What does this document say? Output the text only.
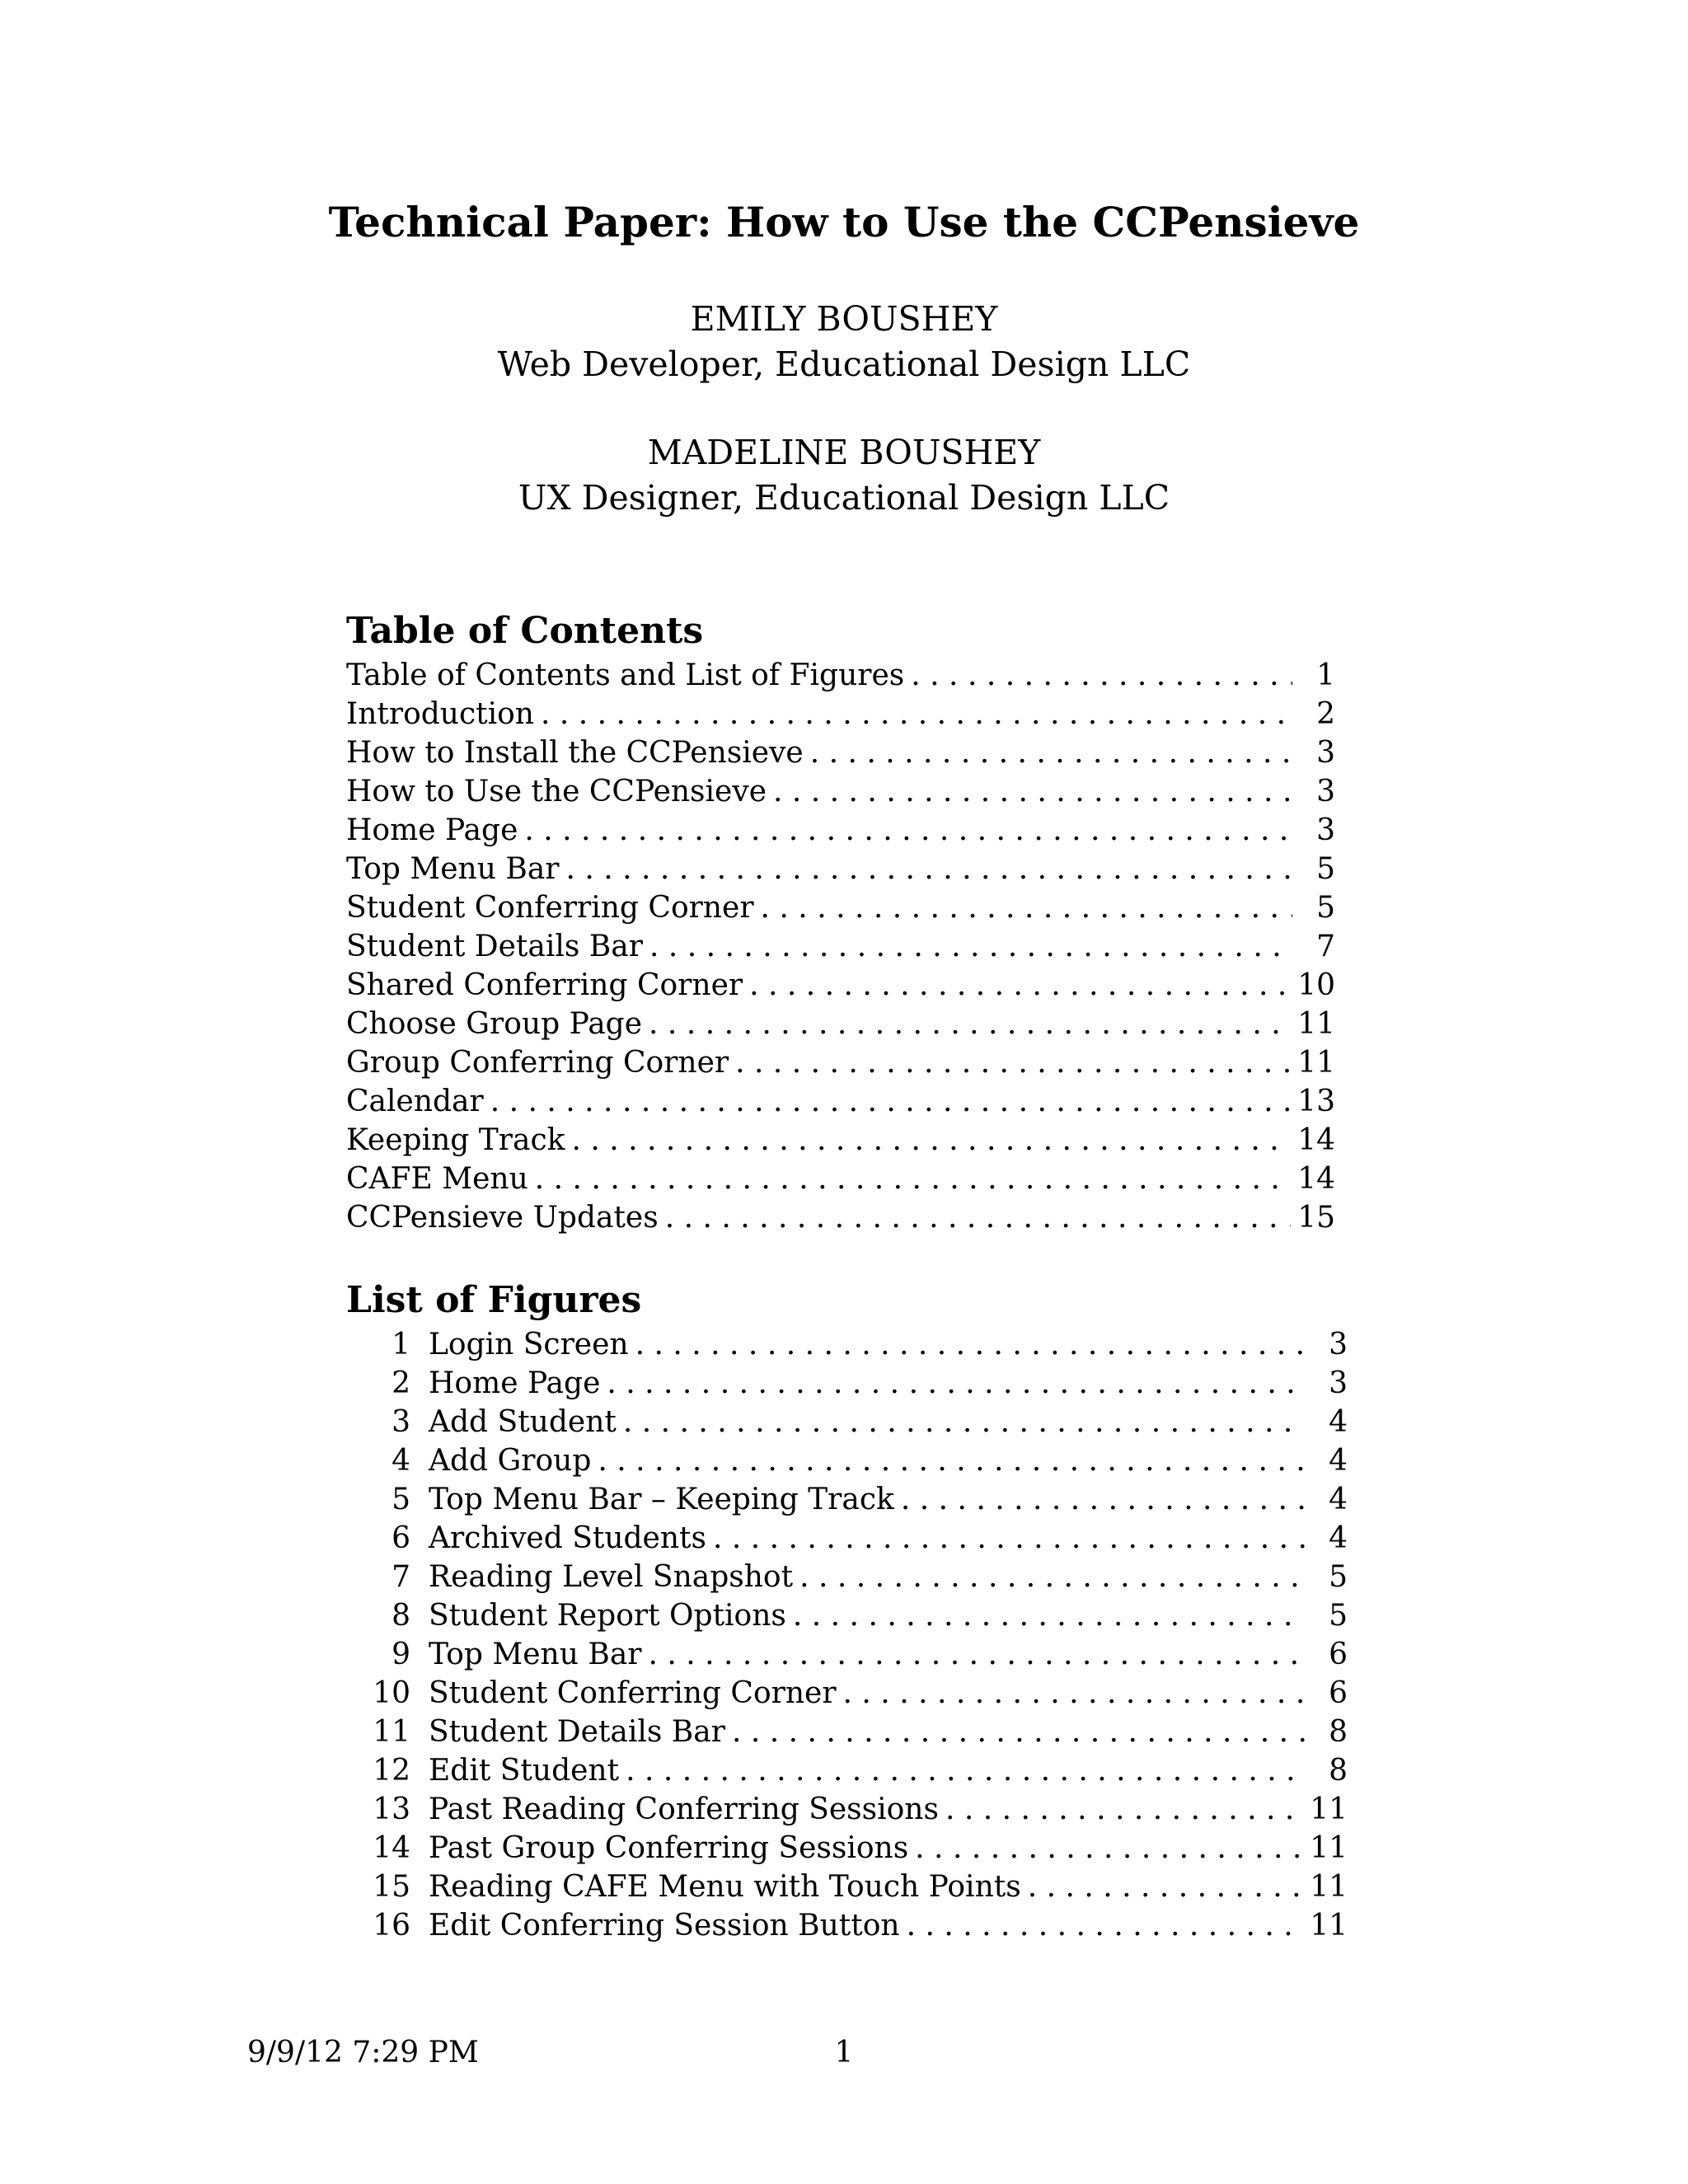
Technical Paper: How to Use the CCPensieve
EMILY BOUSHEY
Web Developer, Educational Design LLC
MADELINE BOUSHEY
UX Designer, Educational Design LLC
Table of Contents
Table of Contents and List of Figures . . .	1
Introduction . . .	2
How to Install the CCPensieve . . .	3
How to Use the CCPensieve . . .	3
Home Page . . .	3
Top Menu Bar . . .	5
Student Conferring Corner . . .	5
Student Details Bar . . .	7
Shared Conferring Corner . . .	10
Choose Group Page . . .	11
Group Conferring Corner . . .	11
Calendar . . .	13
Keeping Track . . .	14
CAFE Menu . . .	14
CCPensieve Updates . . .	15
List of Figures
1 Login Screen . . .	3
2 Home Page . . .	3
3 Add Student . . .	4
4 Add Group . . .	4
5 Top Menu Bar – Keeping Track . . .	4
6 Archived Students . . .	4
7 Reading Level Snapshot . . .	5
8 Student Report Options . . .	5
9 Top Menu Bar . . .	6
10 Student Conferring Corner . . .	6
11 Student Details Bar . . .	8
12 Edit Student . . .	8
13 Past Reading Conferring Sessions . . .	11
14 Past Group Conferring Sessions . . .	11
15 Reading CAFE Menu with Touch Points . . .	11
16 Edit Conferring Session Button . . .	11
9/9/12 7:29 PM	1
